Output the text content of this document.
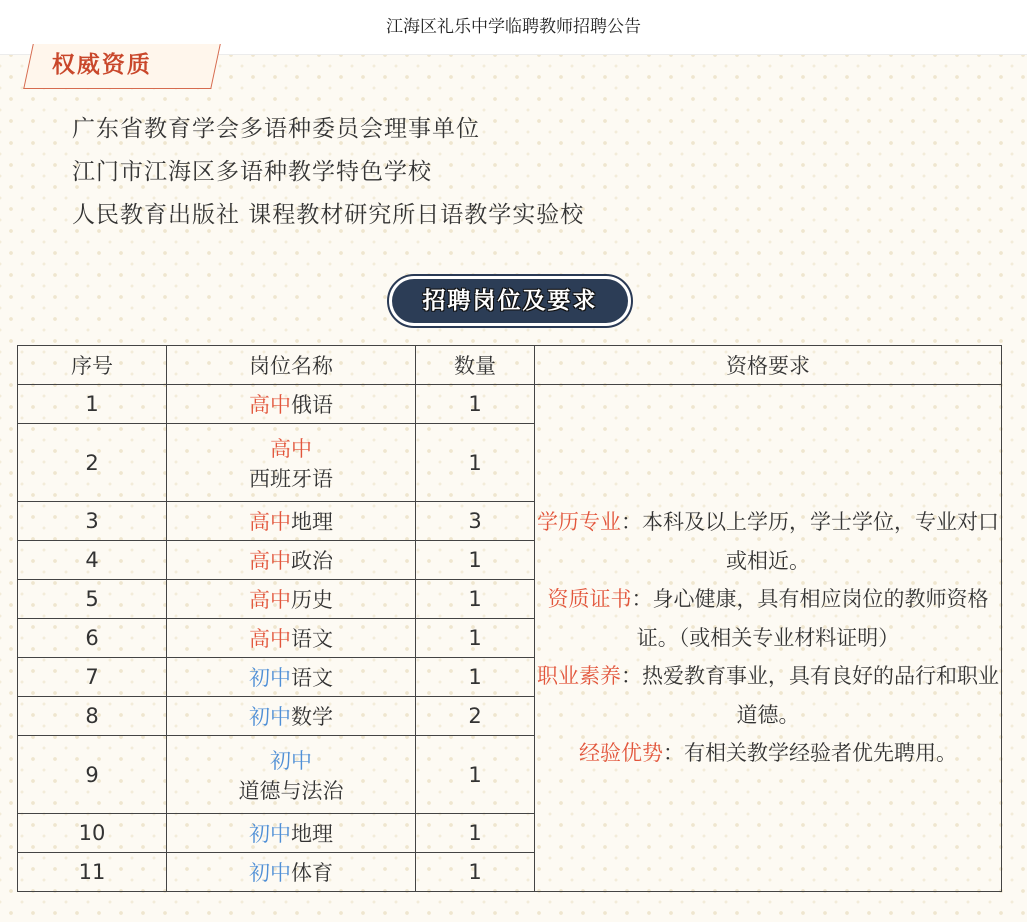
江海区礼乐中学临聘教师招聘公告
权威资质
广东省教育学会多语种委员会理事单位
江门市江海区多语种教学特色学校
人民教育出版社 课程教材研究所日语教学实验校
招聘岗位及要求
序号	岗位名称	数量	资格要求
1	高中俄语	1	学历专业：本科及以上学历，学士学位，专业对口或相近。
资质证书：身心健康，具有相应岗位的教师资格证。（或相关专业材料证明）
职业素养：热爱教育事业，具有良好的品行和职业道德。
经验优势：有相关教学经验者优先聘用。

2	高中
西班牙语	1	
3	高中地理	3	
4	高中政治	1	
5	高中历史	1	
6	高中语文	1	
7	初中语文	1	
8	初中数学	2	
9	初中
道德与法治	1	
10	初中地理	1	
11	初中体育	1	
